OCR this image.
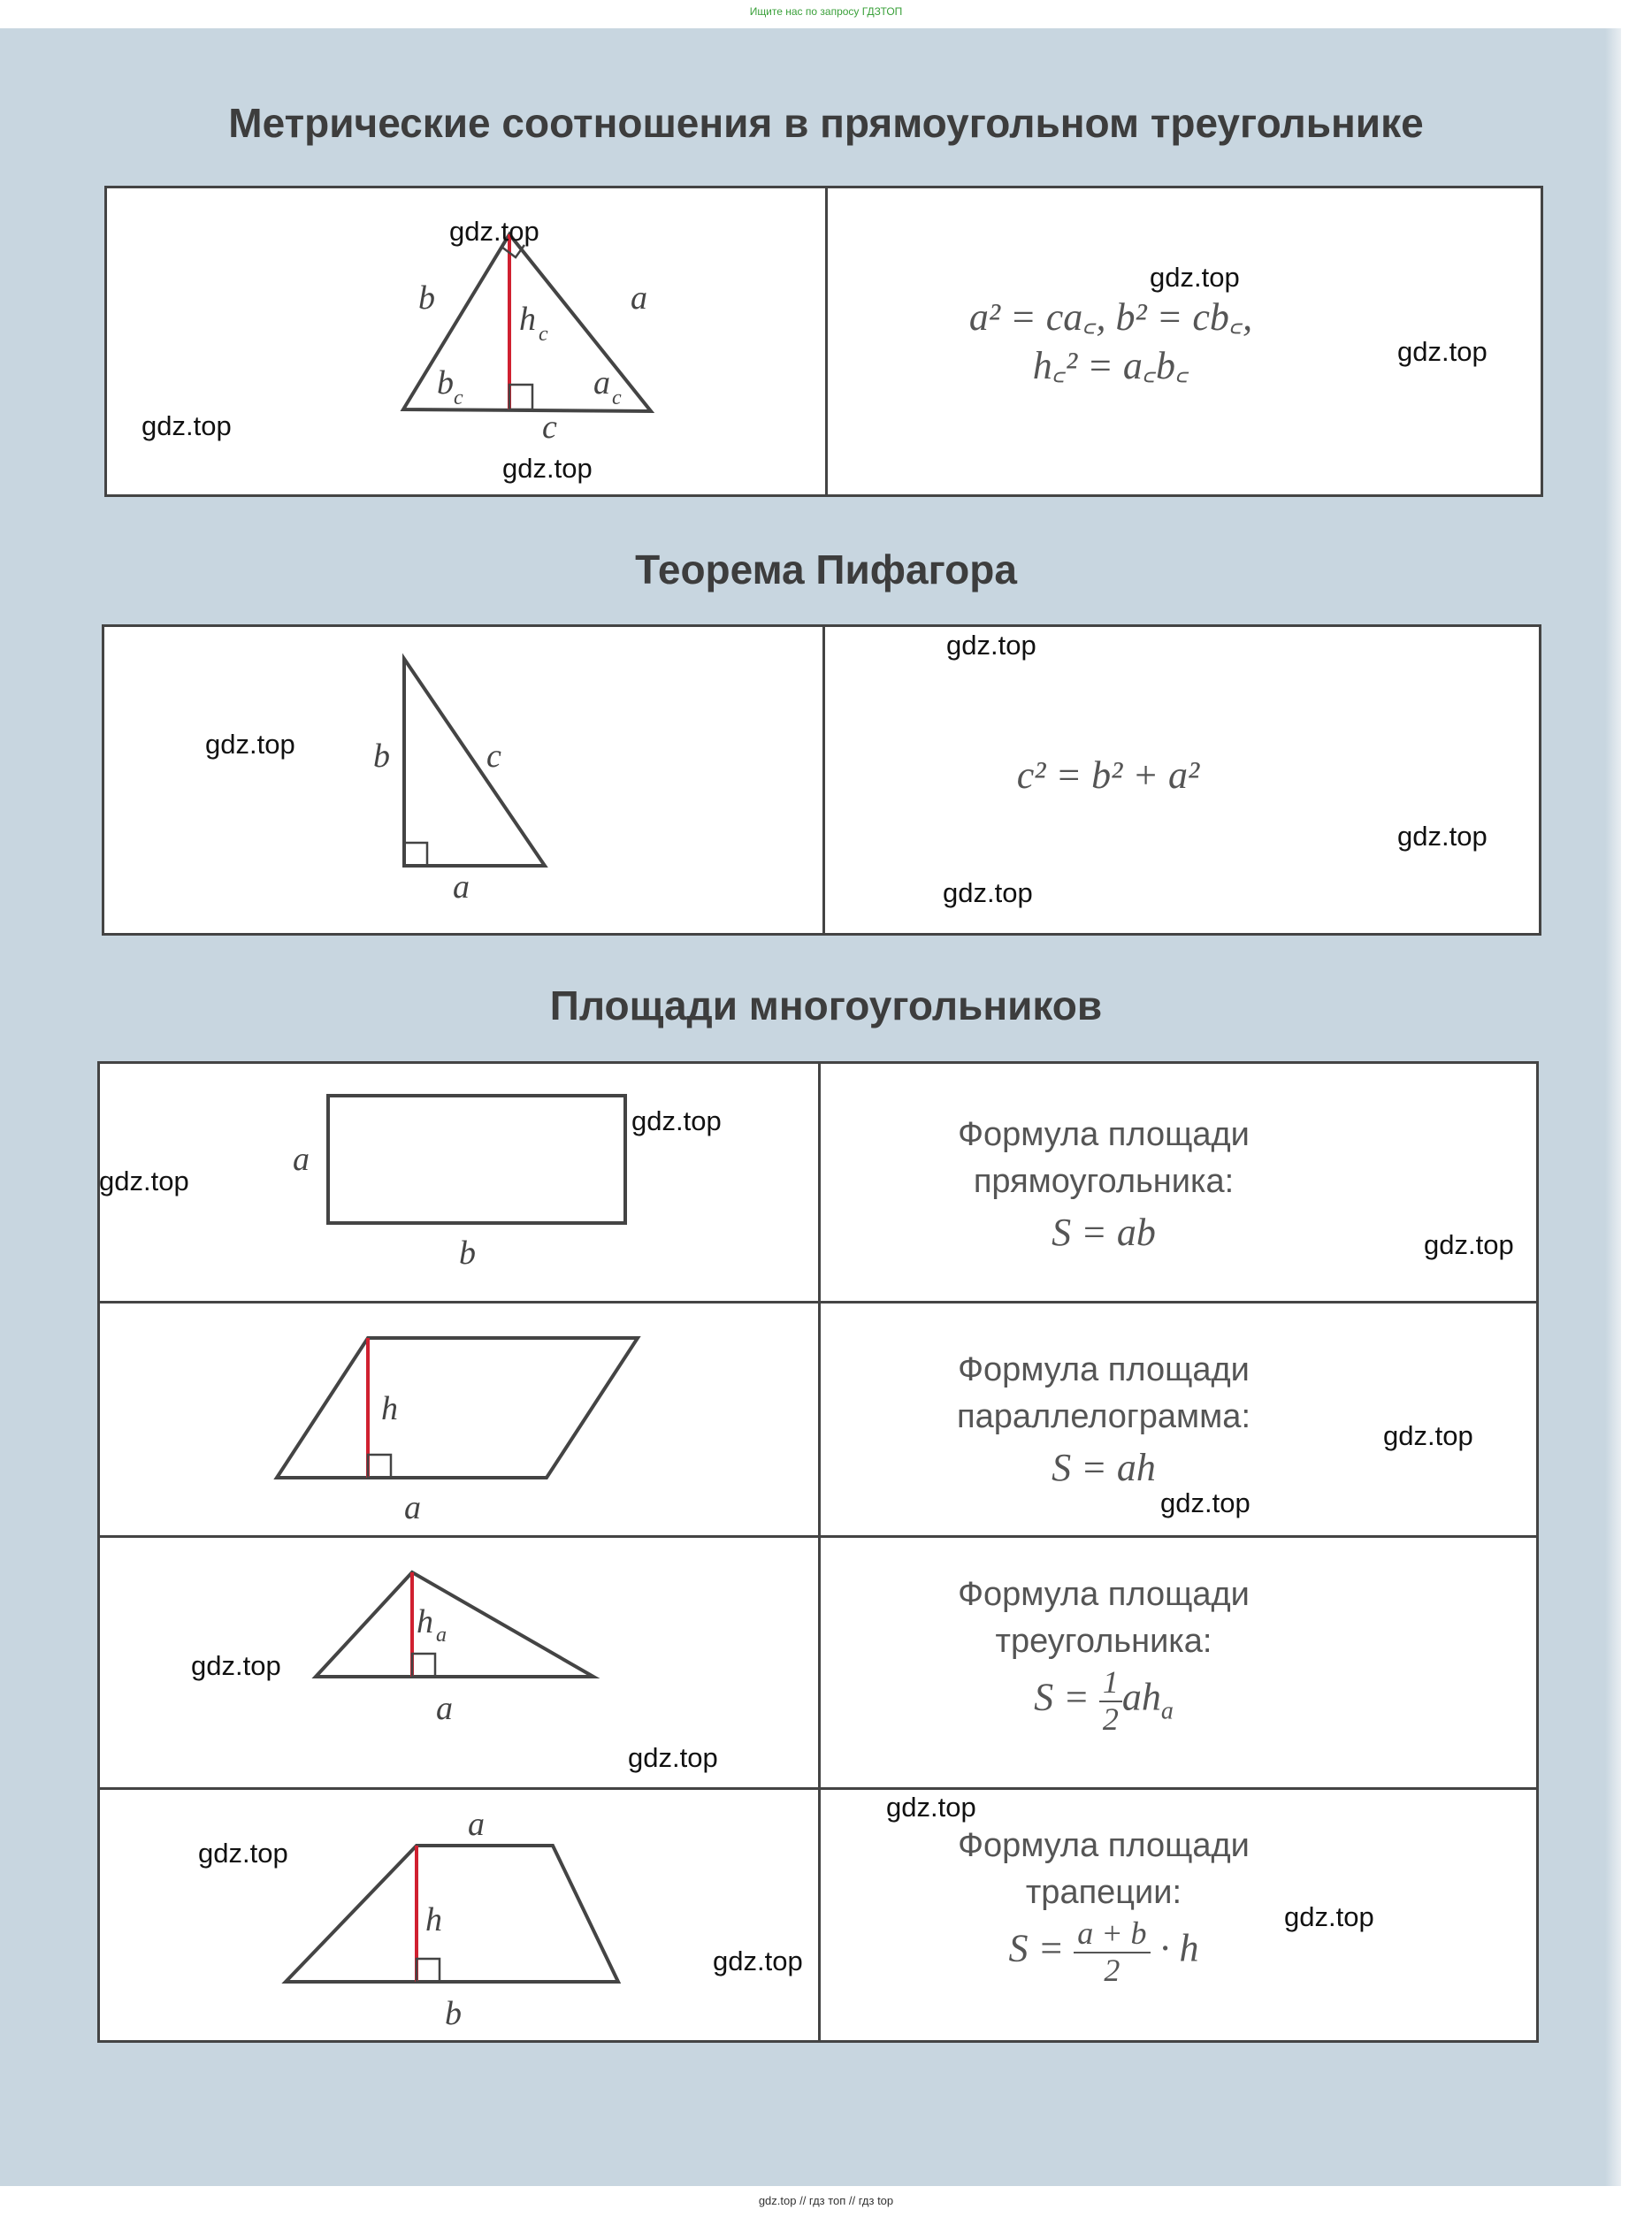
Ищите нас по запросу ГДЗТОП
Метрические соотношения в прямоугольном треугольнике
b	a
h c
b c	a c
c
a² = ca꜀, b² = cb꜀,
h꜀² = a꜀b꜀
Теорема Пифагора
b	c
a
c² = b² + a²
Площади многоугольников
a
b
Формула площади
прямоугольника:
S = ab
h
a
Формула площади
параллелограмма:
S = ah
h a
a
Формула площади
треугольника:
$S = \frac{1}{2} ah_a$
a
h
b
Формула площади
трапеции:
$S = \frac{a + b}{2} \cdot h$
gdz.top
gdz.top
gdz.top
gdz.top
gdz.top
gdz.top
gdz.top
gdz.top
gdz.top
gdz.top
gdz.top
gdz.top
gdz.top
gdz.top
gdz.top
gdz.top
gdz.top
gdz.top
gdz.top
gdz.top
gdz.top // гдз топ // гдз top
